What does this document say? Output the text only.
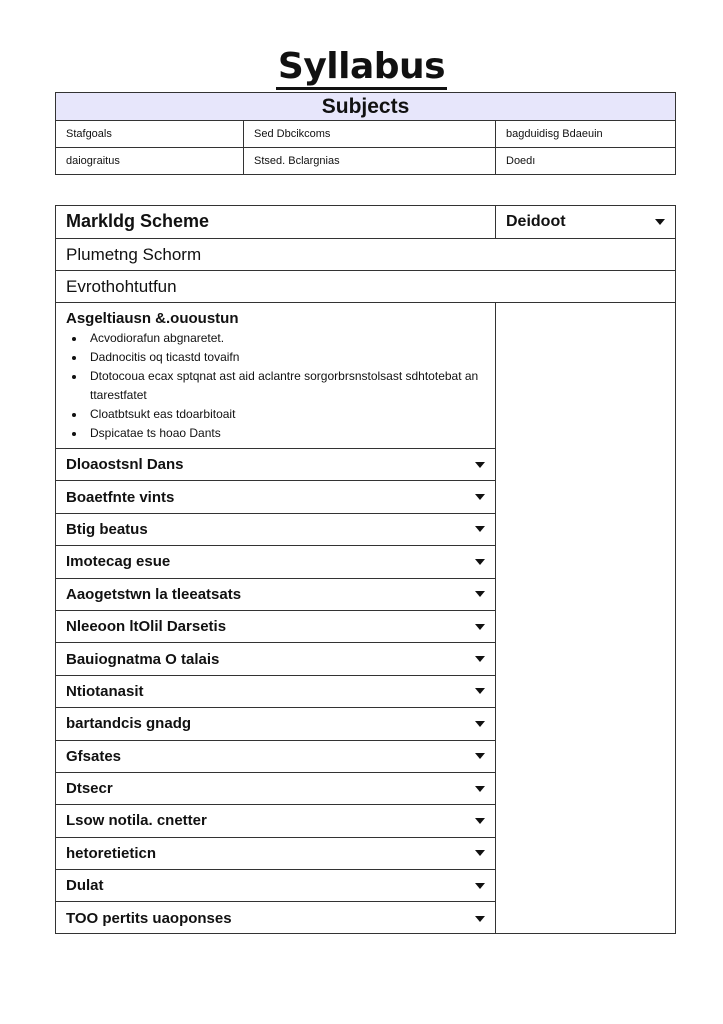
Syllabus
Subjects
Stafgoals	Sed Dbcikcoms	bagduidisg Bdaeuin
daiograitus	Stsed. Bclargnias	Doedı
Markldg Scheme	Deidoot
Plumetng Schorm
Evrothohtutfun
Asgeltiausn &.ououstun
• Acvodiorafun abgnaretet.
• Dadnocitis oq ticastd tovaifn
• Dtotocoua ecax sptqnat ast aid aclantre sorgorbrsnstolsast sdhtotebat an ttarestfatet
• Cloatbtsukt eas tdoarbitoait
• Dspicatae ts hoao Dants
Dloaostsnl Dans
Boaetfnte vints
Btig beatus
Imotecag esue
Aaogetstwn la tleeatsats
Nleeoon ltOlil Darsetis
Bauiognatma O talais
Ntiotanasit
bartandcis gnadg
Gfsates
Dtsecr
Lsow notila. cnetter
hetoretieticn
Dulat
TOO pertits uaoponses
